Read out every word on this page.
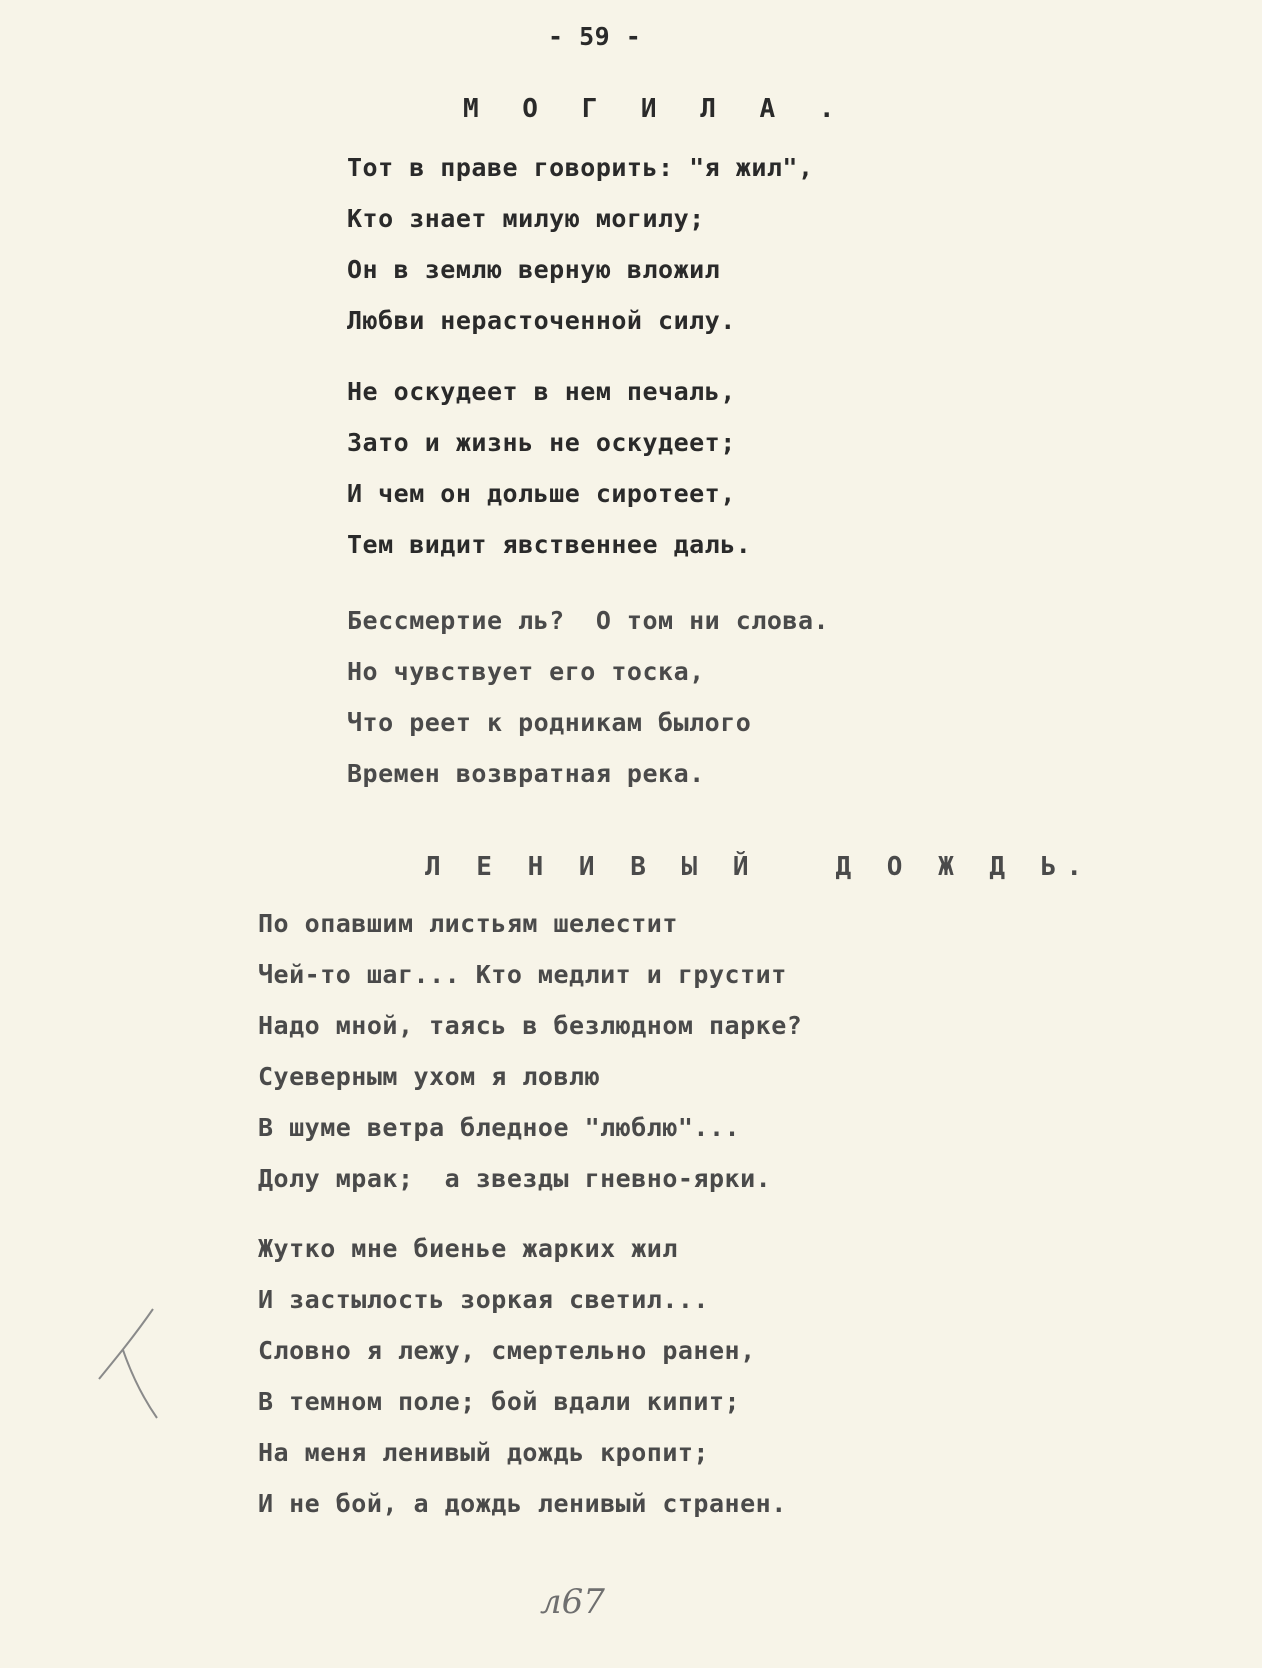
- 59 -
М О Г И Л А .
Тот в праве говорить: "я жил",
Кто знает милую могилу;
Он в землю верную вложил
Любви нерасточенной силу.
Не оскудеет в нем печаль,
Зато и жизнь не оскудеет;
И чем он дольше сиротеет,
Тем видит явственнее даль.
Бессмертие ль?  О том ни слова.
Но чувствует его тоска,
Что реет к родникам былого
Времен возвратная река.
Л Е Н И В Ы Й   Д О Ж Д Ь.
По опавшим листьям шелестит
Чей-то шаг... Кто медлит и грустит
Надо мной, таясь в безлюдном парке?
Суеверным ухом я ловлю
В шуме ветра бледное "люблю"...
Долу мрак;  а звезды гневно-ярки.
Жутко мне биенье жарких жил
И застылость зоркая светил...
Словно я лежу, смертельно ранен,
В темном поле; бой вдали кипит;
На меня ленивый дождь кропит;
И не бой, а дождь ленивый странен.
л67
